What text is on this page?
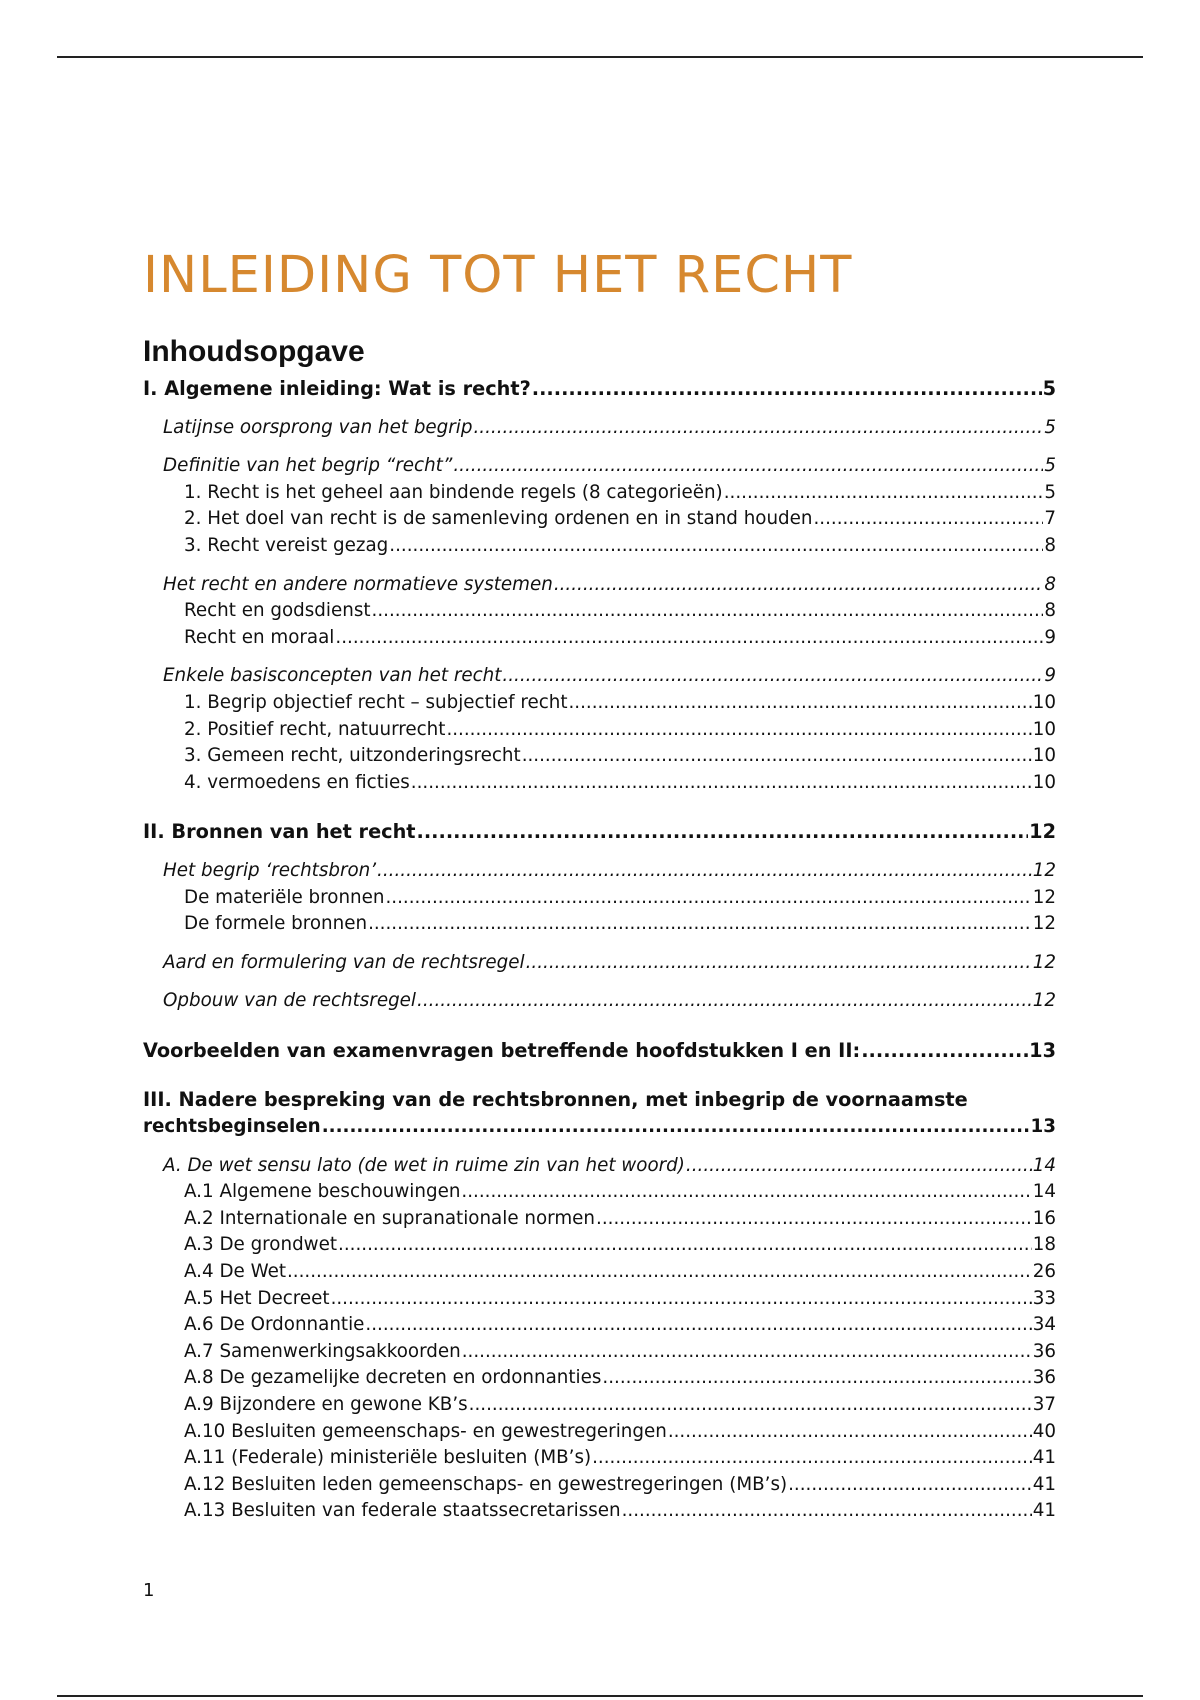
INLEIDING TOT HET RECHT
Inhoudsopgave
I. Algemene inleiding: Wat is recht? .....	5
Latijnse oorsprong van het begrip .....	5
Definitie van het begrip “recht” .....	5
1. Recht is het geheel aan bindende regels (8 categorieën) .....	5
2. Het doel van recht is de samenleving ordenen en in stand houden .....	7
3. Recht vereist gezag .....	8
Het recht en andere normatieve systemen .....	8
Recht en godsdienst .....	8
Recht en moraal .....	9
Enkele basisconcepten van het recht .....	9
1. Begrip objectief recht – subjectief recht .....	10
2. Positief recht, natuurrecht .....	10
3. Gemeen recht, uitzonderingsrecht .....	10
4. vermoedens en ficties .....	10
II. Bronnen van het recht .....	12
Het begrip ‘rechtsbron’ .....	12
De materiële bronnen .....	12
De formele bronnen .....	12
Aard en formulering van de rechtsregel .....	12
Opbouw van de rechtsregel .....	12
Voorbeelden van examenvragen betreffende hoofdstukken I en II: .....	13
III. Nadere bespreking van de rechtsbronnen, met inbegrip de voornaamste
rechtsbeginselen .....	13
A. De wet sensu lato (de wet in ruime zin van het woord) .....	14
A.1 Algemene beschouwingen .....	14
A.2 Internationale en supranationale normen .....	16
A.3 De grondwet .....	18
A.4 De Wet .....	26
A.5 Het Decreet .....	33
A.6 De Ordonnantie .....	34
A.7 Samenwerkingsakkoorden .....	36
A.8 De gezamelijke decreten en ordonnanties .....	36
A.9 Bijzondere en gewone KB’s .....	37
A.10 Besluiten gemeenschaps- en gewestregeringen .....	40
A.11 (Federale) ministeriële besluiten (MB’s) .....	41
A.12 Besluiten leden gemeenschaps- en gewestregeringen (MB’s) .....	41
A.13 Besluiten van federale staatssecretarissen .....	41
1
